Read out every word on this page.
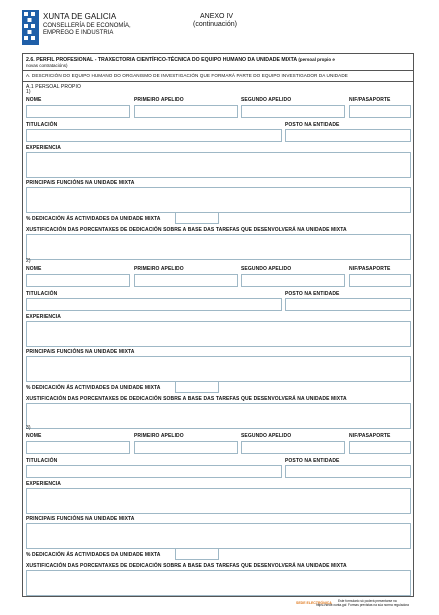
XUNTA DE GALICIA
CONSELLERÍA DE ECONOMÍA,
EMPREGO E INDUSTRIA
ANEXO IV
(continuación)
2.6. PERFIL PROFESIONAL - TRAXECTORIA CIENTÍFICO-TÉCNICA DO EQUIPO HUMANO DA UNIDADE MIXTA (persoal propio e
novas contratacións)
A. DESCRICIÓN DO EQUIPO HUMANO DO ORGANISMO DE INVESTIGACIÓN QUE FORMARÁ PARTE DO EQUIPO INVESTIGADOR DA UNIDADE
A.1 PERSOAL PROPIO
1)
NOME	PRIMEIRO APELIDO	SEGUNDO APELIDO	NIF/PASAPORTE
TITULACIÓN	POSTO NA ENTIDADE
EXPERIENCIA
PRINCIPAIS FUNCIÓNS NA UNIDADE MIXTA
% DEDICACIÓN ÁS ACTIVIDADES DA UNIDADE MIXTA
XUSTIFICACIÓN DAS PORCENTAXES DE DEDICACIÓN SOBRE A BASE DAS TAREFAS QUE DESENVOLVERÁ NA UNIDADE MIXTA
2)
NOME	PRIMEIRO APELIDO	SEGUNDO APELIDO	NIF/PASAPORTE
TITULACIÓN	POSTO NA ENTIDADE
EXPERIENCIA
PRINCIPAIS FUNCIÓNS NA UNIDADE MIXTA
% DEDICACIÓN ÁS ACTIVIDADES DA UNIDADE MIXTA
XUSTIFICACIÓN DAS PORCENTAXES DE DEDICACIÓN SOBRE A BASE DAS TAREFAS QUE DESENVOLVERÁ NA UNIDADE MIXTA
3)
NOME	PRIMEIRO APELIDO	SEGUNDO APELIDO	NIF/PASAPORTE
TITULACIÓN	POSTO NA ENTIDADE
EXPERIENCIA
PRINCIPAIS FUNCIÓNS NA UNIDADE MIXTA
% DEDICACIÓN ÁS ACTIVIDADES DA UNIDADE MIXTA
XUSTIFICACIÓN DAS PORCENTAXES DE DEDICACIÓN SOBRE A BASE DAS TAREFAS QUE DESENVOLVERÁ NA UNIDADE MIXTA
SEDE ELECTRÓNICA Este formulario só poderá presentarse na
https://sede.xunta.gal Formas previstas na súa norma reguladora
